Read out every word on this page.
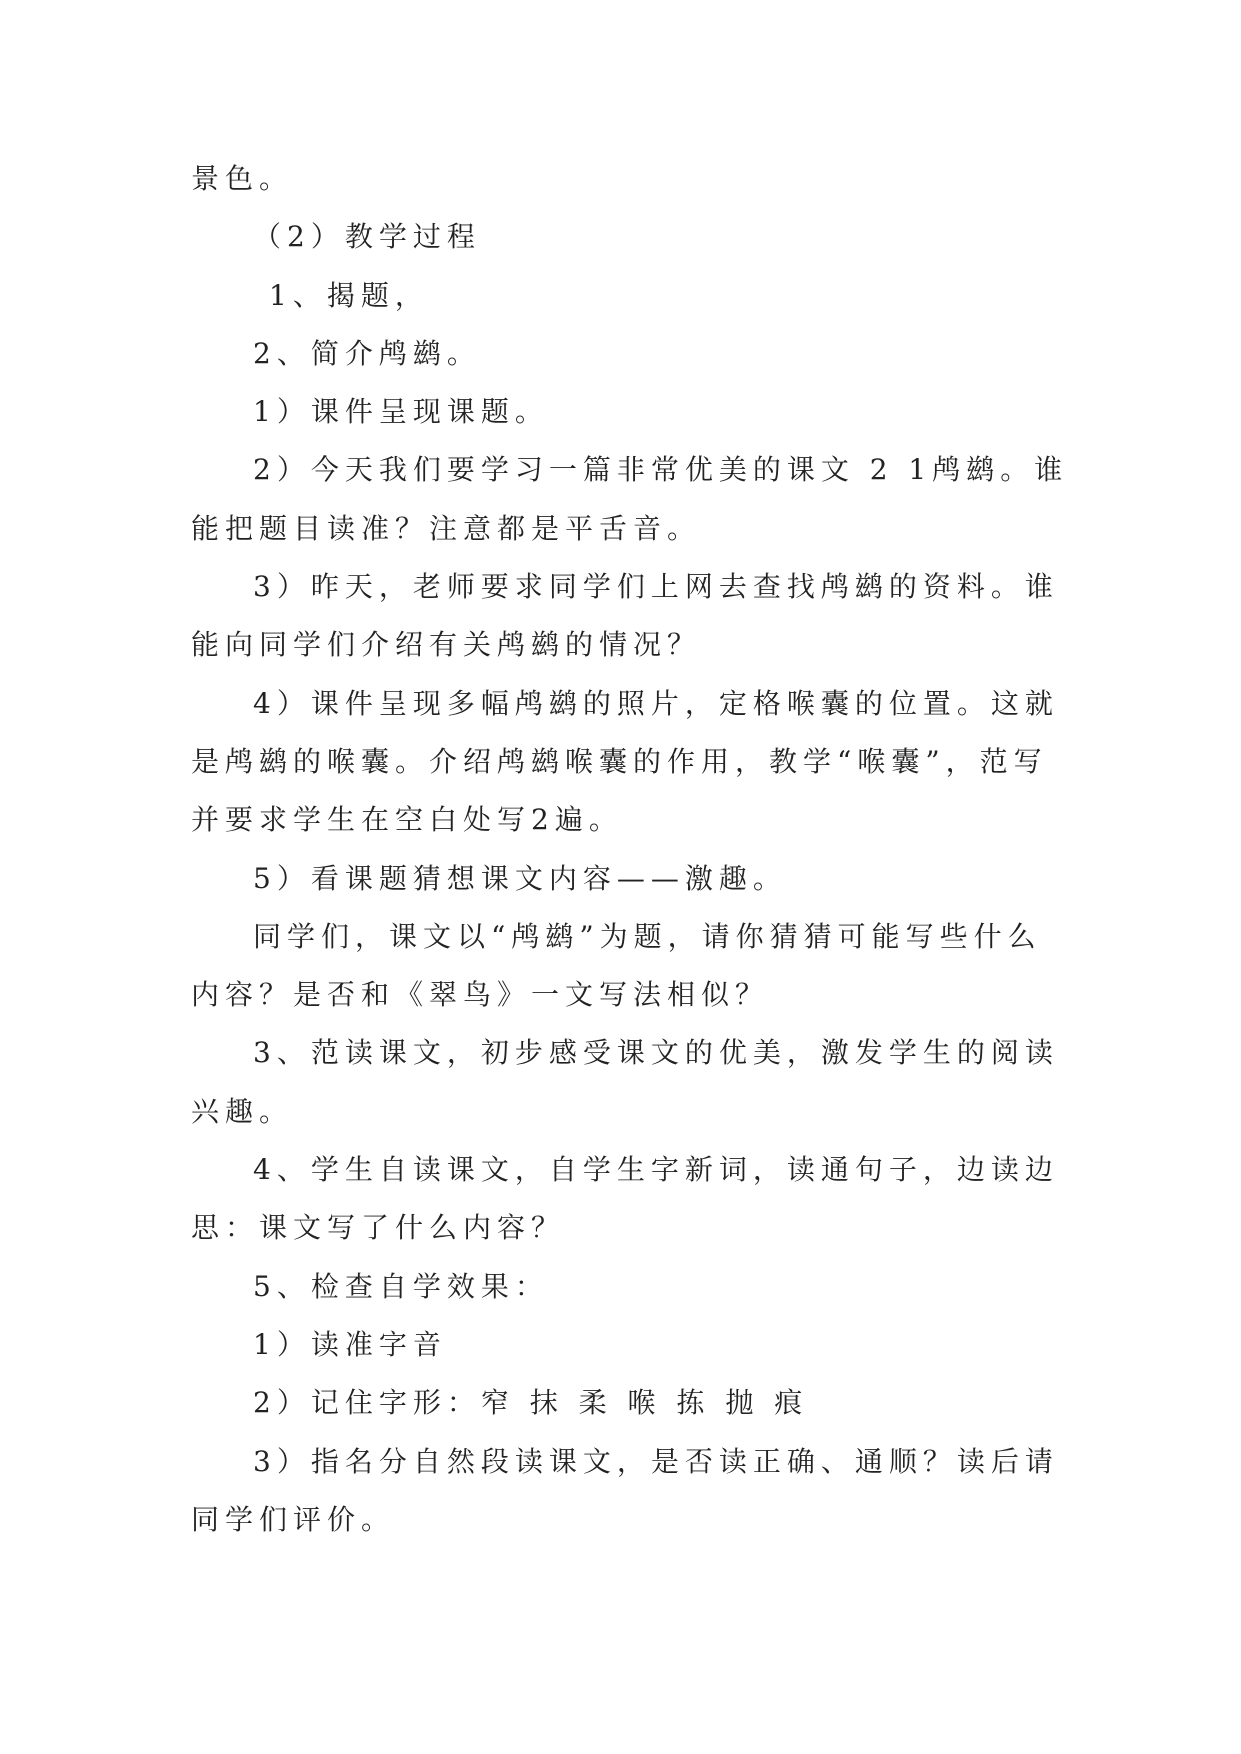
景色。
（2）教学过程
1、揭题，
2、简介鸬鹚。
1）课件呈现课题。
2）今天我们要学习一篇非常优美的课文 2 1鸬鹚。谁
能把题目读准？注意都是平舌音。
3）昨天，老师要求同学们上网去查找鸬鹚的资料。谁
能向同学们介绍有关鸬鹚的情况？
4）课件呈现多幅鸬鹚的照片，定格喉囊的位置。这就
是鸬鹚的喉囊。介绍鸬鹚喉囊的作用，教学“喉囊”，范写
并要求学生在空白处写2遍。
5）看课题猜想课文内容——激趣。
同学们，课文以“鸬鹚”为题，请你猜猜可能写些什么
内容？是否和《翠鸟》一文写法相似？
3、范读课文，初步感受课文的优美，激发学生的阅读
兴趣。
4、学生自读课文，自学生字新词，读通句子，边读边
思：课文写了什么内容？
5、检查自学效果：
1）读准字音
2）记住字形：窄 抹 柔 喉 拣 抛 痕
3）指名分自然段读课文，是否读正确、通顺？读后请
同学们评价。
